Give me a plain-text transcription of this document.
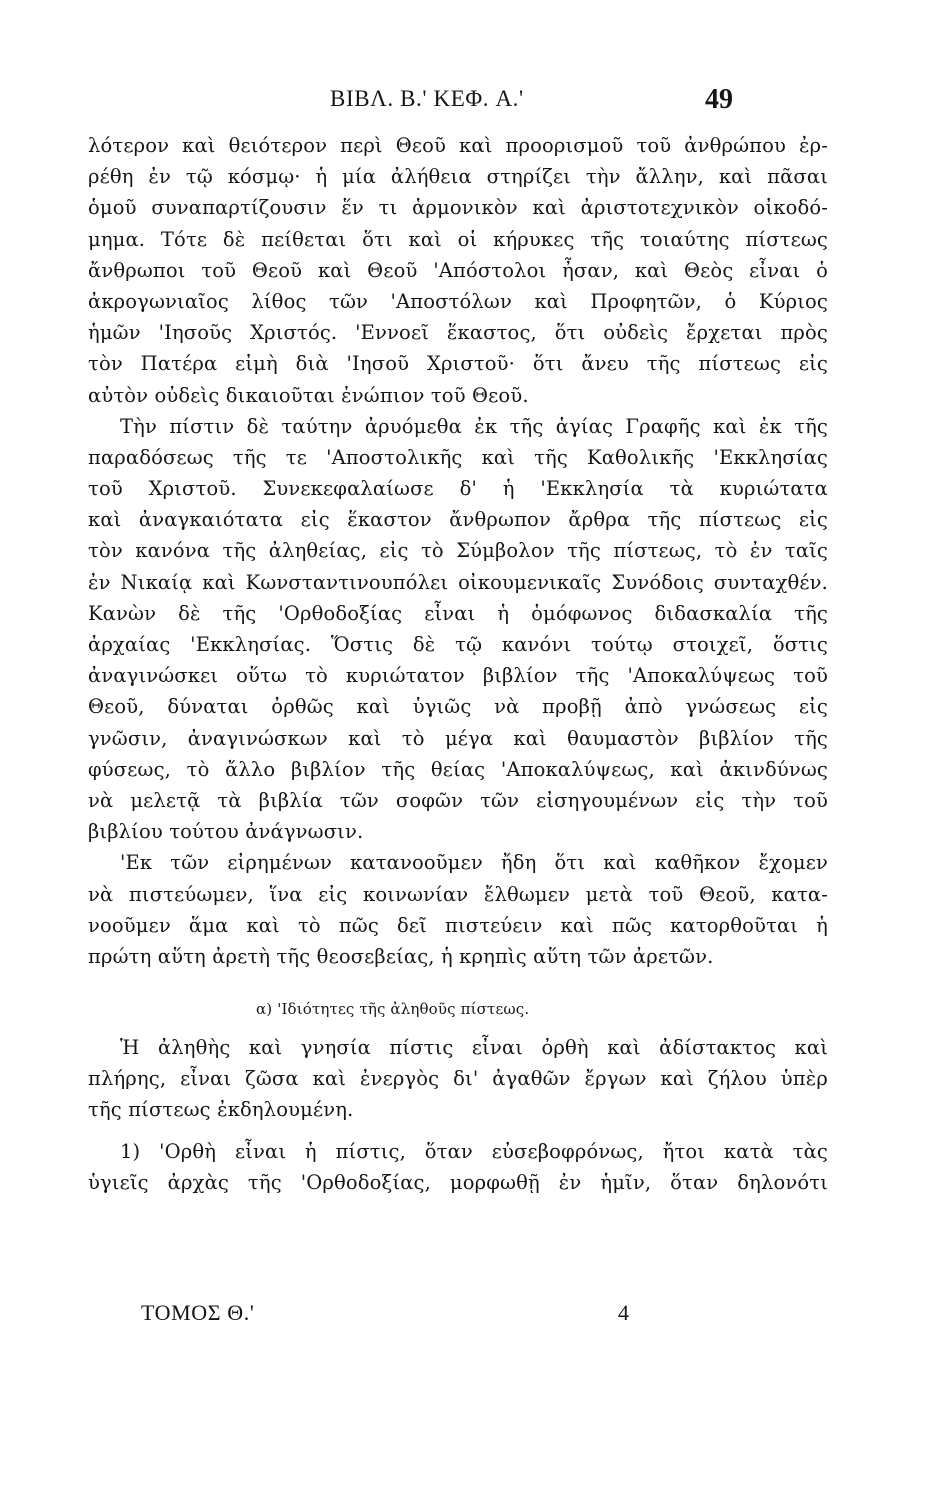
BIBΛ. B.' KEΦ. A.'	49
λότερον καὶ θειότερον περὶ Θεοῦ καὶ προορισμοῦ τοῦ ἀνθρώπου ἐρ-
ρέθη ἐν τῷ κόσμῳ· ἡ μία ἀλήθεια στηρίζει τὴν ἄλλην, καὶ πᾶσαι
ὁμοῦ συναπαρτίζουσιν ἕν τι ἁρμονικὸν καὶ ἀριστοτεχνικὸν οἰκοδό-
μημα. Τότε δὲ πείθεται ὅτι καὶ οἱ κήρυκες τῆς τοιαύτης πίστεως
ἄνθρωποι τοῦ Θεοῦ καὶ Θεοῦ 'Απόστολοι ἦσαν, καὶ Θεὸς εἶναι ὁ
ἀκρογωνιαῖος λίθος τῶν 'Αποστόλων καὶ Προφητῶν, ὁ Κύριος
ἡμῶν 'Ιησοῦς Χριστός. 'Εννοεῖ ἕκαστος, ὅτι οὐδεὶς ἔρχεται πρὸς
τὸν Πατέρα εἰμὴ διὰ 'Ιησοῦ Χριστοῦ· ὅτι ἄνευ τῆς πίστεως εἰς
αὐτὸν οὐδεὶς δικαιοῦται ἐνώπιον τοῦ Θεοῦ.
Τὴν πίστιν δὲ ταύτην ἀρυόμεθα ἐκ τῆς ἁγίας Γραφῆς καὶ ἐκ τῆς
παραδόσεως τῆς τε 'Αποστολικῆς καὶ τῆς Καθολικῆς 'Εκκλησίας
τοῦ Χριστοῦ. Συνεκεφαλαίωσε δ' ἡ 'Εκκλησία τὰ κυριώτατα
καὶ ἀναγκαιότατα εἰς ἕκαστον ἄνθρωπον ἄρθρα τῆς πίστεως εἰς
τὸν κανόνα τῆς ἀληθείας, εἰς τὸ Σύμβολον τῆς πίστεως, τὸ ἐν ταῖς
ἐν Νικαίᾳ καὶ Κωνσταντινουπόλει οἰκουμενικαῖς Συνόδοις συνταχθέν.
Κανὼν δὲ τῆς 'Ορθοδοξίας εἶναι ἡ ὁμόφωνος διδασκαλία τῆς
ἀρχαίας 'Εκκλησίας. Ὅστις δὲ τῷ κανόνι τούτῳ στοιχεῖ, ὅστις
ἀναγινώσκει οὕτω τὸ κυριώτατον βιβλίον τῆς 'Αποκαλύψεως τοῦ
Θεοῦ, δύναται ὀρθῶς καὶ ὑγιῶς νὰ προβῇ ἀπὸ γνώσεως εἰς
γνῶσιν, ἀναγινώσκων καὶ τὸ μέγα καὶ θαυμαστὸν βιβλίον τῆς
φύσεως, τὸ ἄλλο βιβλίον τῆς θείας 'Αποκαλύψεως, καὶ ἀκινδύνως
νὰ μελετᾷ τὰ βιβλία τῶν σοφῶν τῶν εἰσηγουμένων εἰς τὴν τοῦ
βιβλίου τούτου ἀνάγνωσιν.
'Εκ τῶν εἰρημένων κατανοοῦμεν ἤδη ὅτι καὶ καθῆκον ἔχομεν
νὰ πιστεύωμεν, ἵνα εἰς κοινωνίαν ἔλθωμεν μετὰ τοῦ Θεοῦ, κατα-
νοοῦμεν ἅμα καὶ τὸ πῶς δεῖ πιστεύειν καὶ πῶς κατορθοῦται ἡ
πρώτη αὕτη ἀρετὴ τῆς θεοσεβείας, ἡ κρηπὶς αὕτη τῶν ἀρετῶν.
α) 'Ιδιότητες τῆς ἀληθοῦς πίστεως.
Ἡ ἀληθὴς καὶ γνησία πίστις εἶναι ὀρθὴ καὶ ἀδίστακτος καὶ
πλήρης, εἶναι ζῶσα καὶ ἐνεργὸς δι' ἀγαθῶν ἔργων καὶ ζήλου ὑπὲρ
τῆς πίστεως ἐκδηλουμένη.
1) 'Ορθὴ εἶναι ἡ πίστις, ὅταν εὐσεβοφρόνως, ἤτοι κατὰ τὰς
ὑγιεῖς ἀρχὰς τῆς 'Ορθοδοξίας, μορφωθῇ ἐν ἡμῖν, ὅταν δηλονότι
ΤΟΜΟΣ Θ.'	4
